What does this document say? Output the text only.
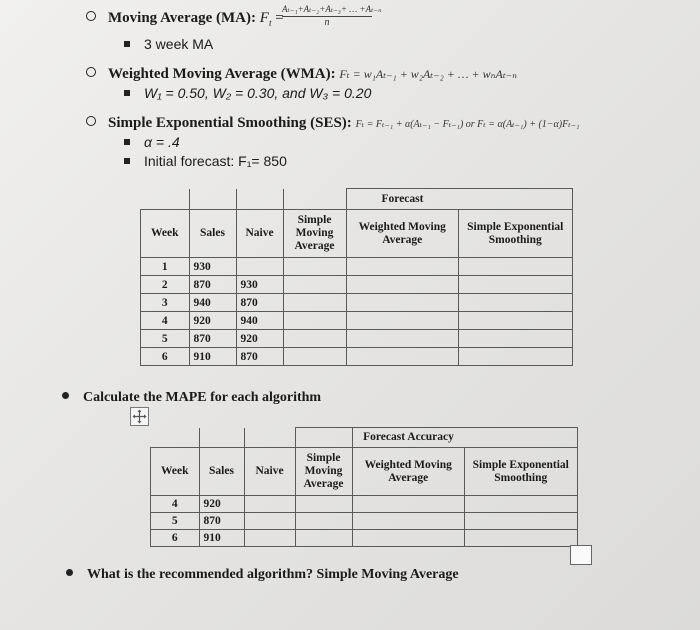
Moving Average (MA): $F_t$ =
$\frac{\text{Aₜ₋₁+Aₜ₋₂+Aₜ₋₃+ … +Aₜ₋ₙ}}{n}$
3 week MA
Weighted Moving Average (WMA): Fₜ = w₁Aₜ₋₁ + w₂Aₜ₋₂ + … + wₙAₜ₋ₙ
W₁ = 0.50, W₂ = 0.30, and W₃ = 0.20
Simple Exponential Smoothing (SES): Fₜ = Fₜ₋₁ + α(Aₜ₋₁ − Fₜ₋₁) or Fₜ = α(Aₜ₋₁) + (1−α)Fₜ₋₁
α = .4
Initial forecast: F₁= 850
				Forecast	
Week	Sales	Naive	Simple Moving Average	Weighted Moving Average	Simple Exponential Smoothing
1	930				
2	870	930			
3	940	870			
4	920	940			
5	870	920			
6	910	870			
Calculate the MAPE for each algorithm
				Forecast Accuracy	
Week	Sales	Naive	Simple Moving Average	Weighted Moving Average	Simple Exponential Smoothing
4	920				
5	870				
6	910				
What is the recommended algorithm? Simple Moving Average
